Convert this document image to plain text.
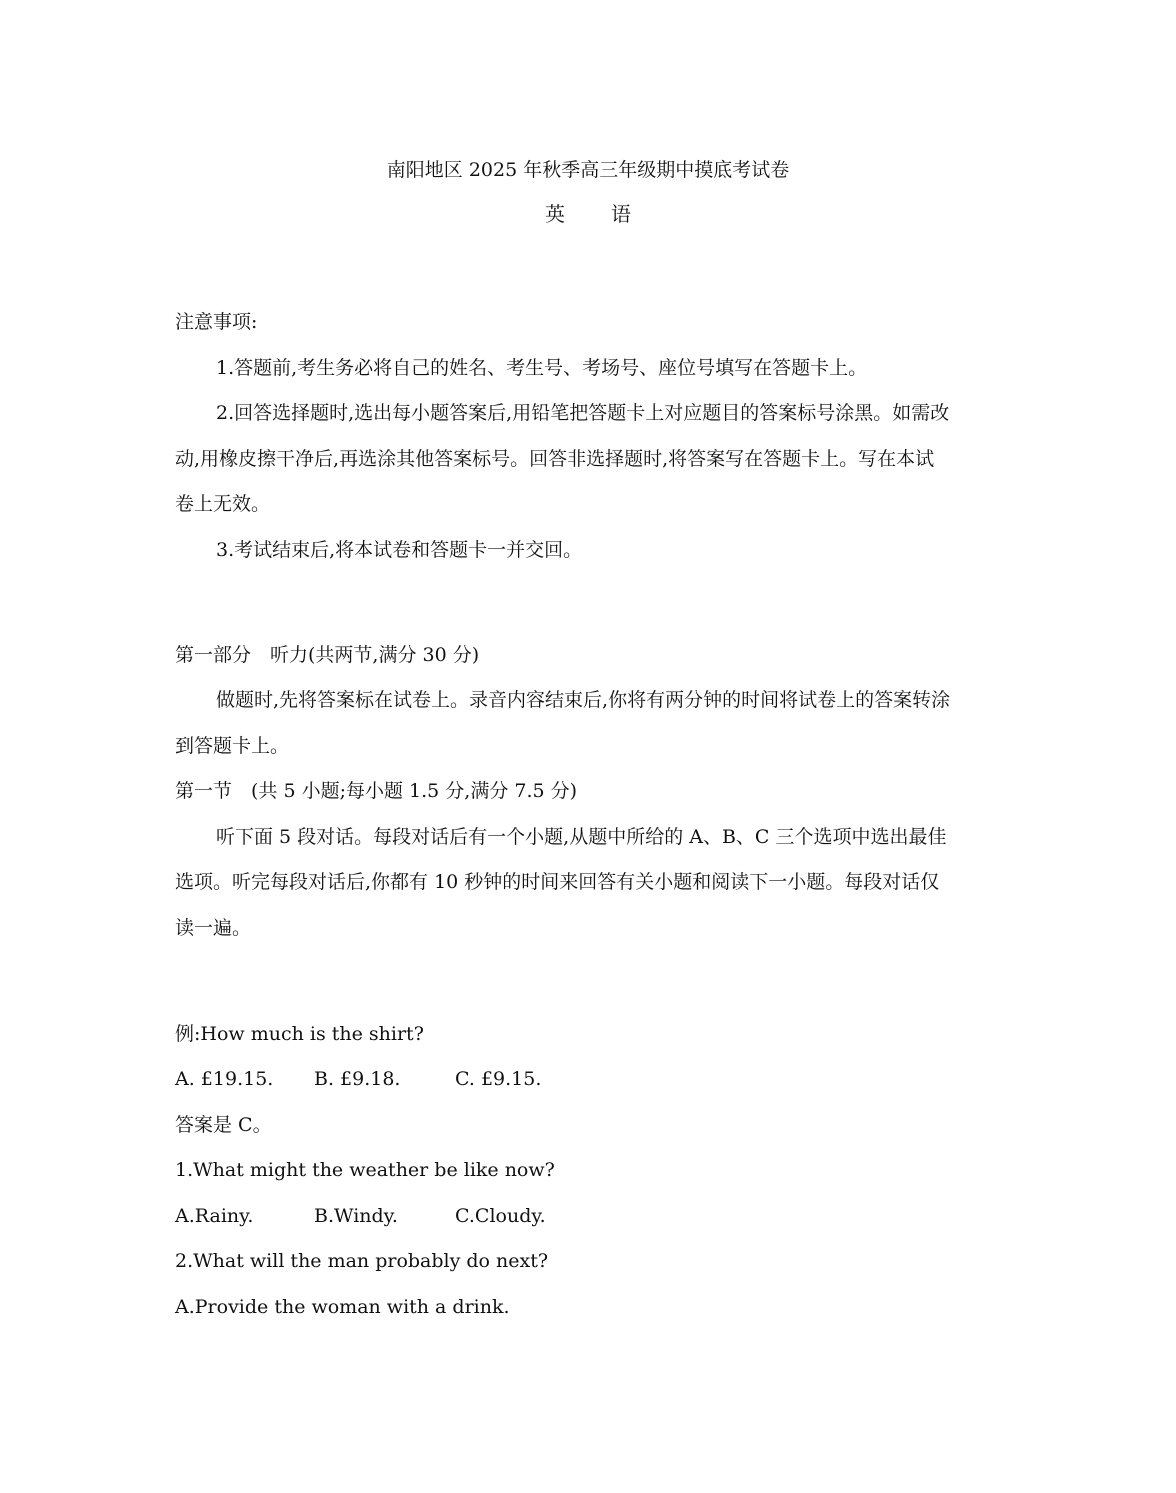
南阳地区 2025 年秋季高三年级期中摸底考试卷
英 语
注意事项:
1.答题前,考生务必将自己的姓名、考生号、考场号、座位号填写在答题卡上。
2.回答选择题时,选出每小题答案后,用铅笔把答题卡上对应题目的答案标号涂黑。如需改
动,用橡皮擦干净后,再选涂其他答案标号。回答非选择题时,将答案写在答题卡上。写在本试
卷上无效。
3.考试结束后,将本试卷和答题卡一并交回。
第一部分　听力(共两节,满分 30 分)
做题时,先将答案标在试卷上。录音内容结束后,你将有两分钟的时间将试卷上的答案转涂
到答题卡上。
第一节　(共 5 小题;每小题 1.5 分,满分 7.5 分)
听下面 5 段对话。每段对话后有一个小题,从题中所给的 A、B、C 三个选项中选出最佳
选项。听完每段对话后,你都有 10 秒钟的时间来回答有关小题和阅读下一小题。每段对话仅
读一遍。
例:How much is the shirt?
A. £19.15. B. £9.18.	C. £9.15.
答案是 C。
1.What might the weather be like now?
A.Rainy.	B.Windy.	C.Cloudy.
2.What will the man probably do next?
A.Provide the woman with a drink.
